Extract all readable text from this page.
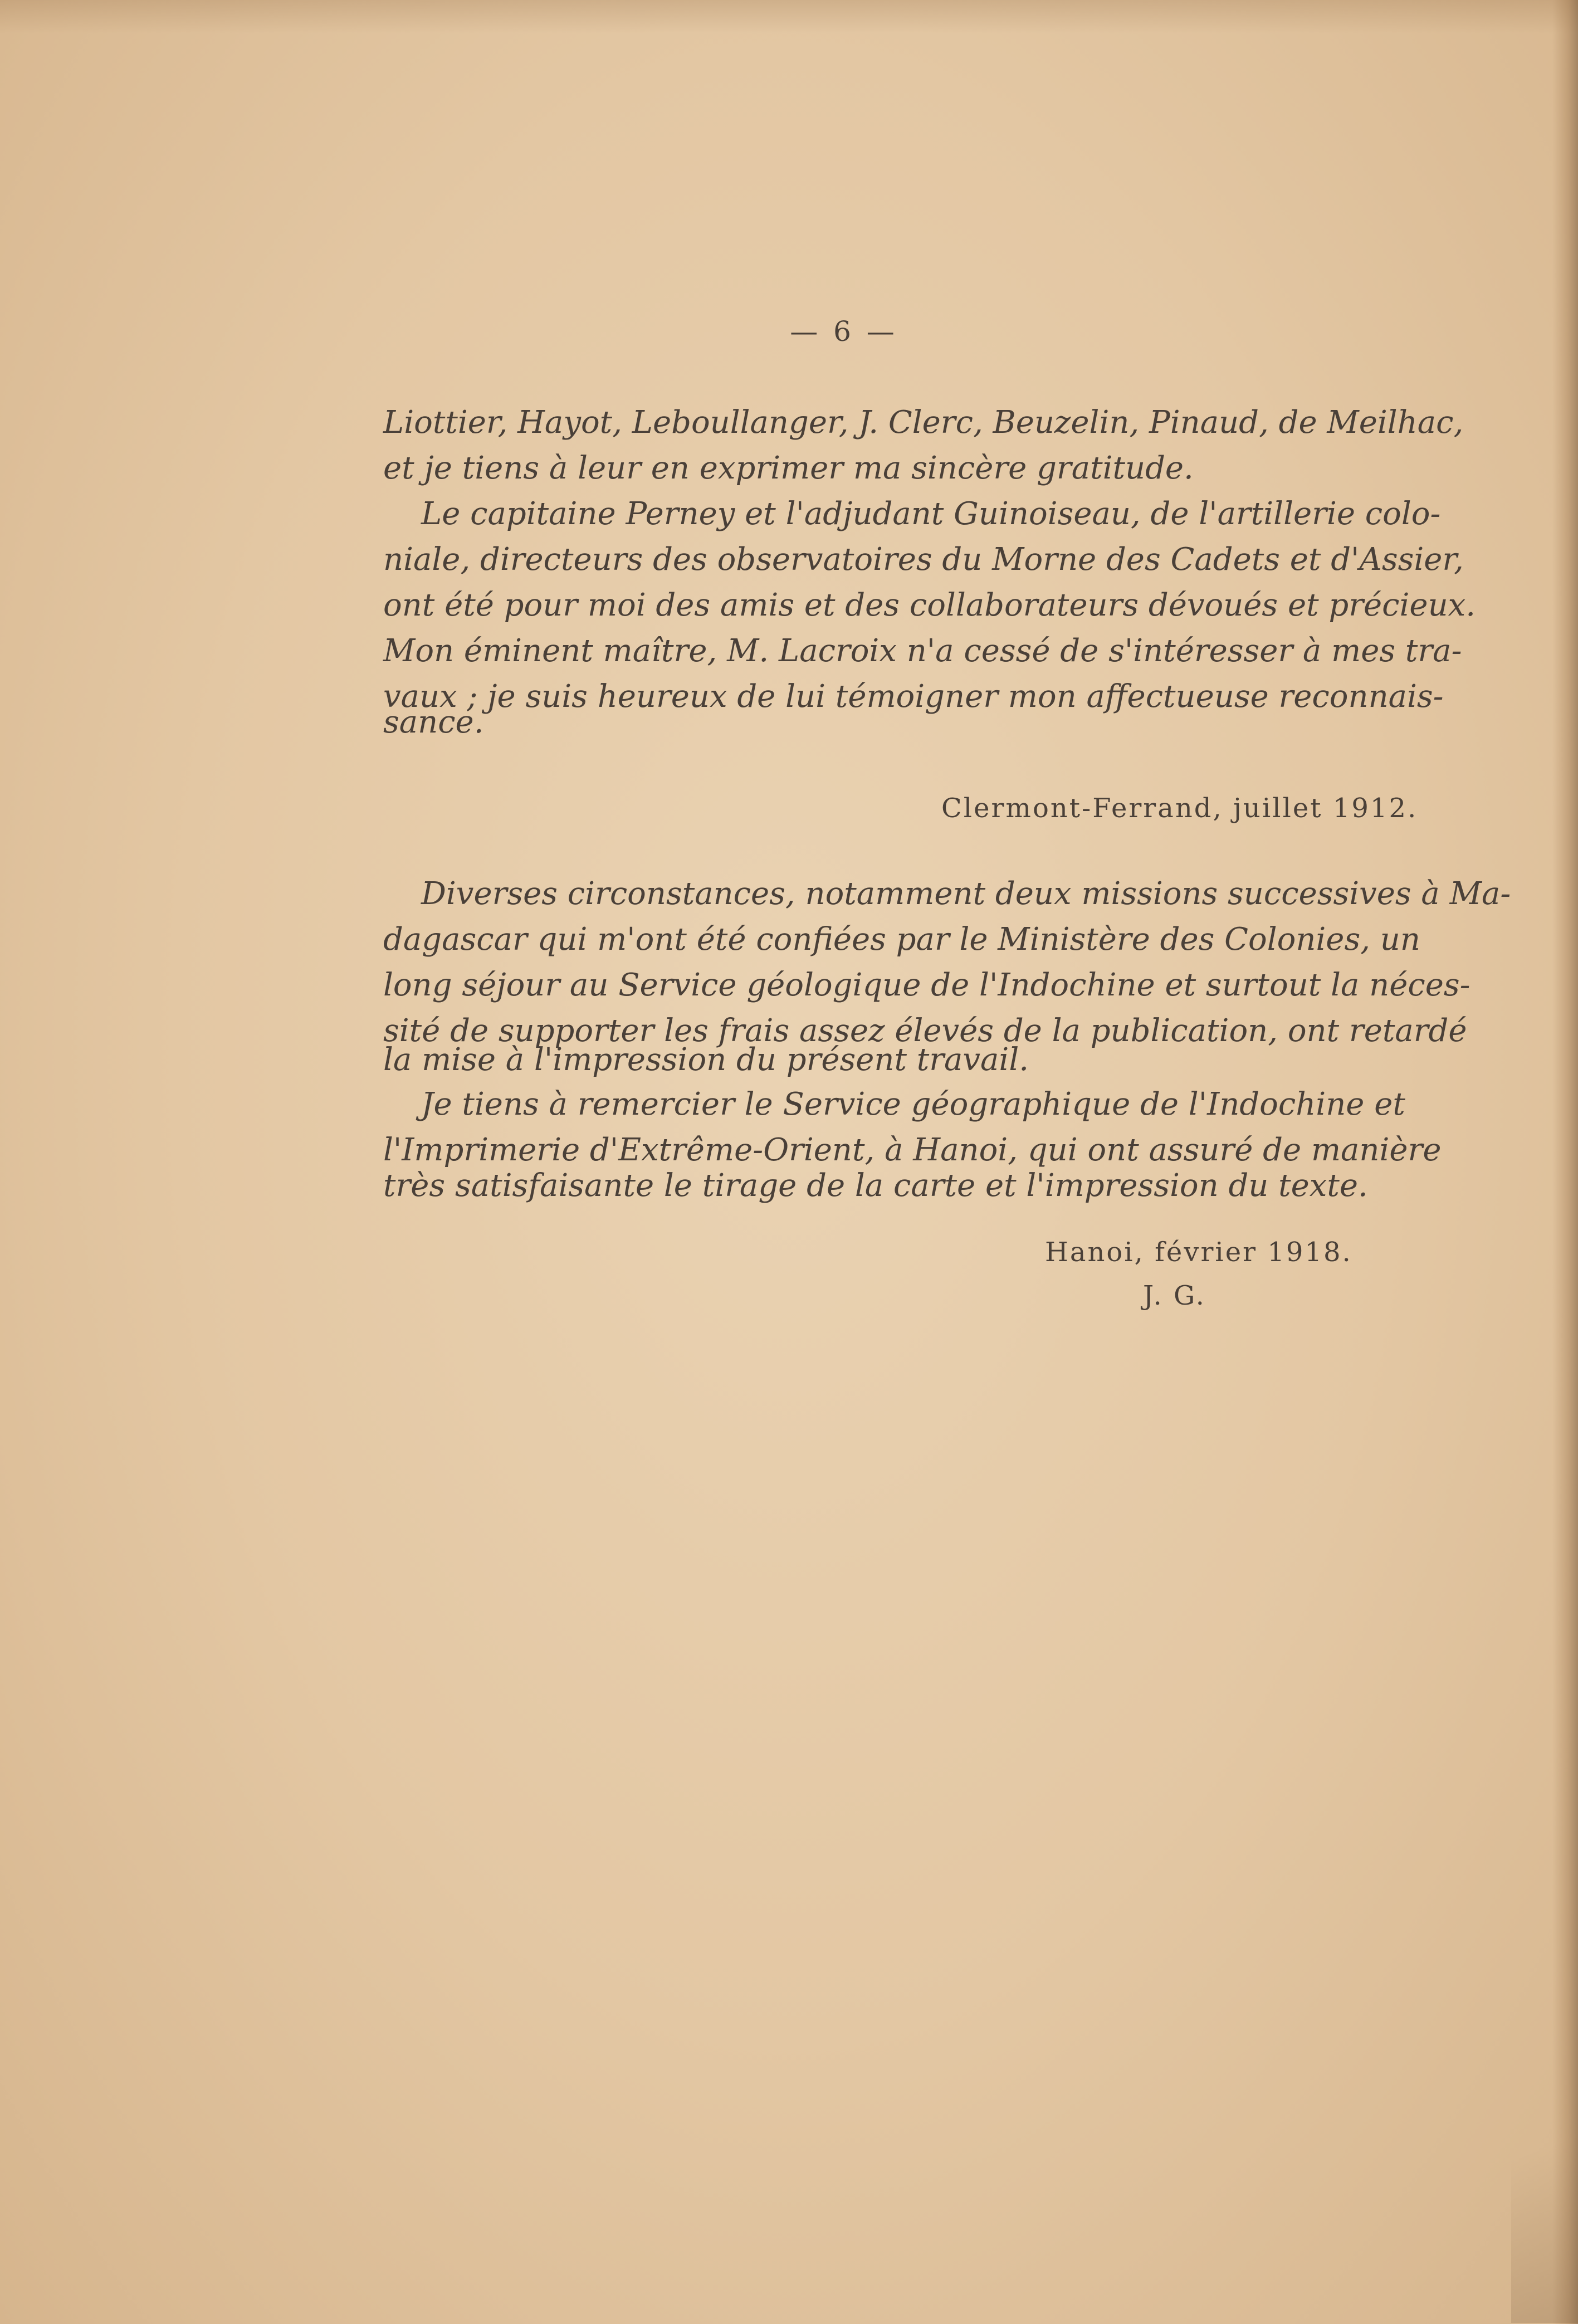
— 6 —
Liottier, Hayot, Leboullanger, J. Clerc, Beuzelin, Pinaud, de Meilhac,
et je tiens à leur en exprimer ma sincère gratitude.
Le capitaine Perney et l'adjudant Guinoiseau, de l'artillerie colo-
niale, directeurs des observatoires du Morne des Cadets et d'Assier,
ont été pour moi des amis et des collaborateurs dévoués et précieux.
Mon éminent maître, M. Lacroix n'a cessé de s'intéresser à mes tra-
vaux ; je suis heureux de lui témoigner mon affectueuse reconnais-
sance.
Clermont-Ferrand, juillet 1912.
Diverses circonstances, notamment deux missions successives à Ma-
dagascar qui m'ont été confiées par le Ministère des Colonies, un
long séjour au Service géologique de l'Indochine et surtout la néces-
sité de supporter les frais assez élevés de la publication, ont retardé
la mise à l'impression du présent travail.
Je tiens à remercier le Service géographique de l'Indochine et
l'Imprimerie d'Extrême-Orient, à Hanoi, qui ont assuré de manière
très satisfaisante le tirage de la carte et l'impression du texte.
Hanoi, février 1918.
J. G.
